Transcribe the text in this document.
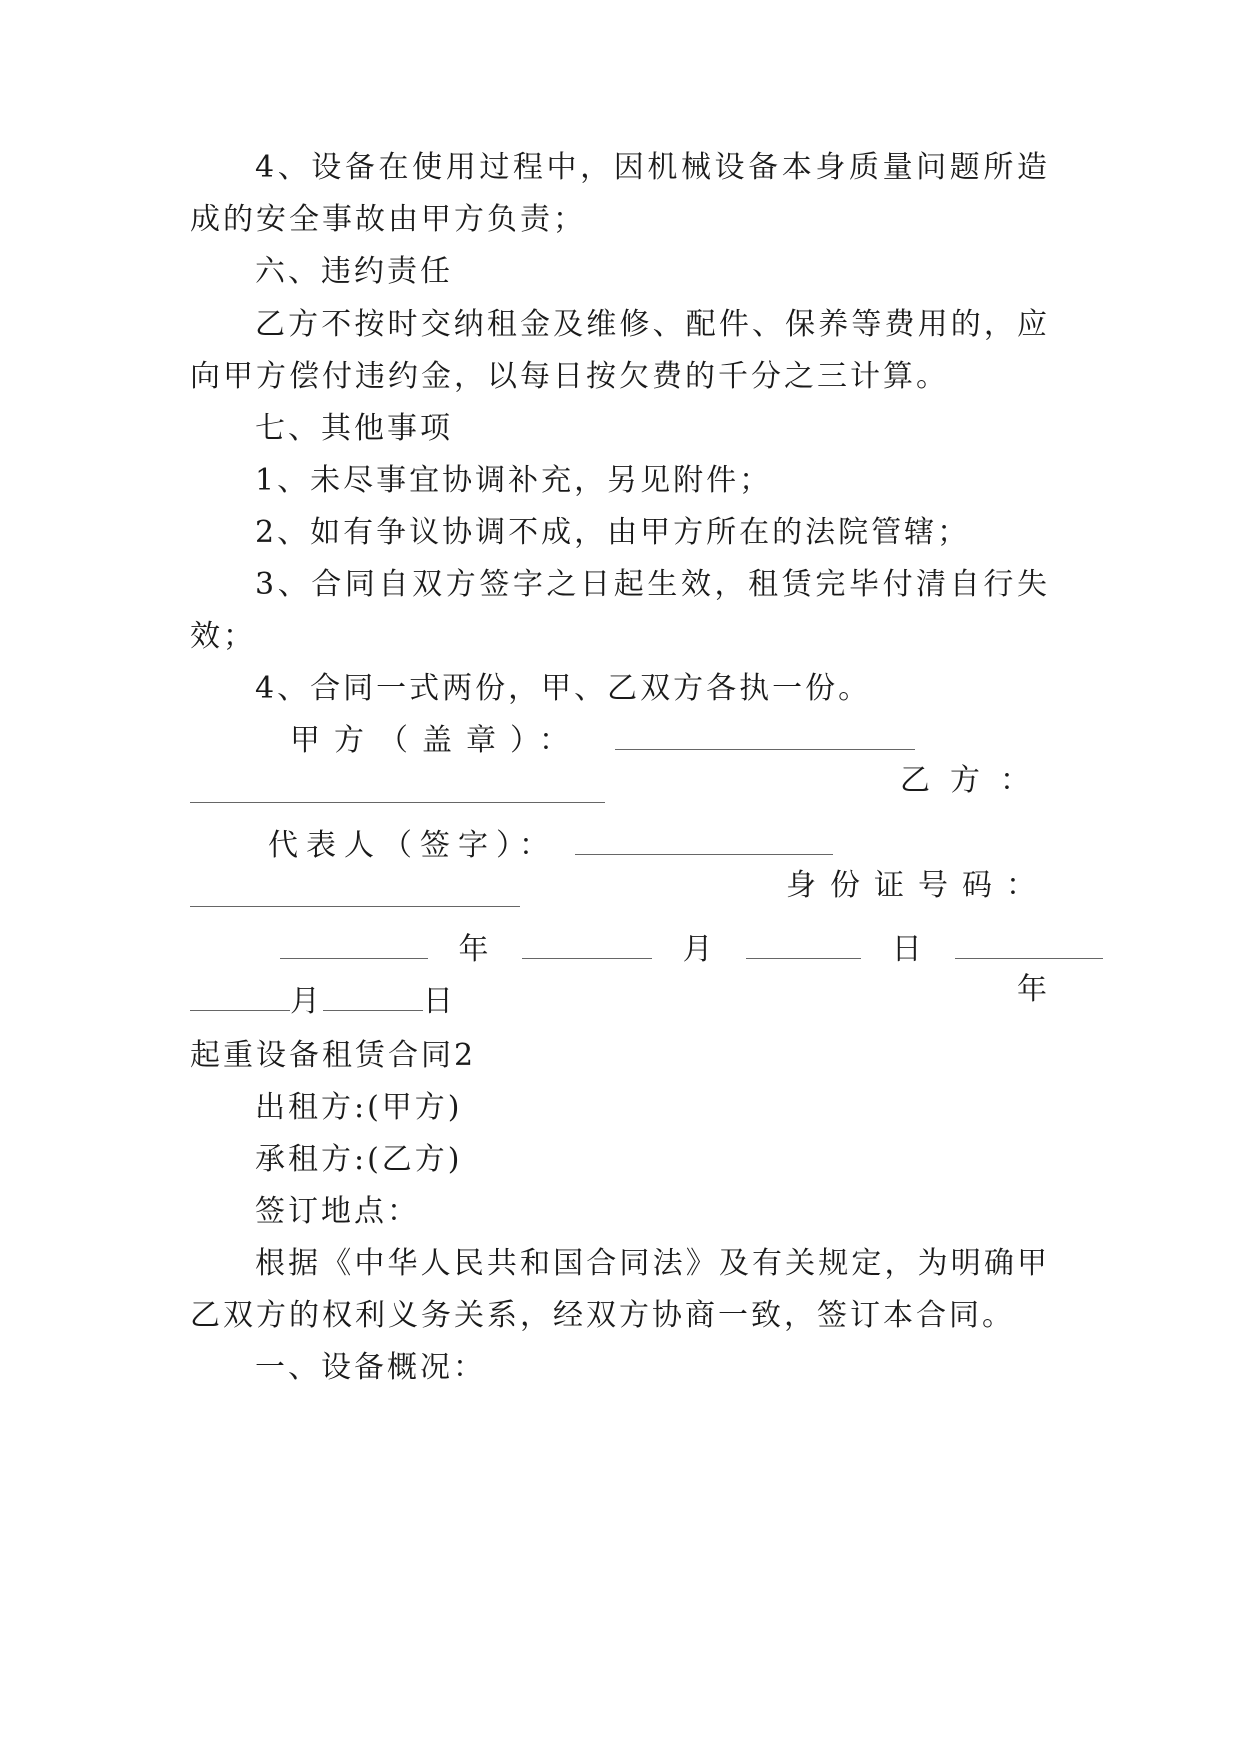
4、设备在使用过程中，因机械设备本身质量问题所造
成的安全事故由甲方负责；
六、违约责任
乙方不按时交纳租金及维修、配件、保养等费用的，应
向甲方偿付违约金，以每日按欠费的千分之三计算。
七、其他事项
1、未尽事宜协调补充，另见附件；
2、如有争议协调不成，由甲方所在的法院管辖；
3、合同自双方签字之日起生效，租赁完毕付清自行失
效；
4、合同一式两份，甲、乙双方各执一份。
甲方（盖章）：
乙方：
代表人（签字）：
身份证号码：
年	月	日
年
月	日
起重设备租赁合同2
出租方:(甲方)
承租方:(乙方)
签订地点：
根据《中华人民共和国合同法》及有关规定，为明确甲
乙双方的权利义务关系，经双方协商一致，签订本合同。
一、设备概况：
